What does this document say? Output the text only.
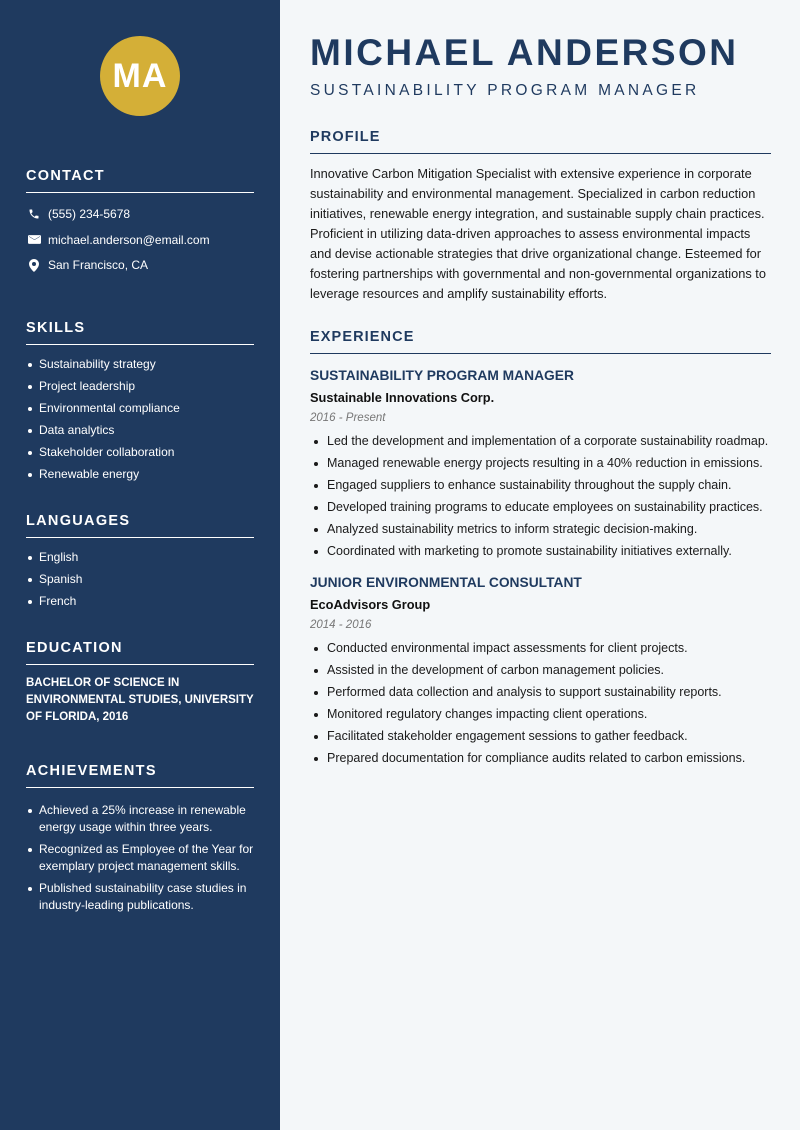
MA
CONTACT
(555) 234-5678
michael.anderson@email.com
San Francisco, CA
SKILLS
Sustainability strategy
Project leadership
Environmental compliance
Data analytics
Stakeholder collaboration
Renewable energy
LANGUAGES
English
Spanish
French
EDUCATION
BACHELOR OF SCIENCE IN ENVIRONMENTAL STUDIES, UNIVERSITY OF FLORIDA, 2016
ACHIEVEMENTS
Achieved a 25% increase in renewable energy usage within three years.
Recognized as Employee of the Year for exemplary project management skills.
Published sustainability case studies in industry-leading publications.
MICHAEL ANDERSON
SUSTAINABILITY PROGRAM MANAGER
PROFILE

Innovative Carbon Mitigation Specialist with extensive experience in corporate sustainability and environmental management. Specialized in carbon reduction initiatives, renewable energy integration, and sustainable supply chain practices. Proficient in utilizing data-driven approaches to assess environmental impacts and devise actionable strategies that drive organizational change. Esteemed for fostering partnerships with governmental and non-governmental organizations to leverage resources and amplify sustainability efforts.

EXPERIENCE
SUSTAINABILITY PROGRAM MANAGER
Sustainable Innovations Corp.
2016 - Present
Led the development and implementation of a corporate sustainability roadmap.
Managed renewable energy projects resulting in a 40% reduction in emissions.
Engaged suppliers to enhance sustainability throughout the supply chain.
Developed training programs to educate employees on sustainability practices.
Analyzed sustainability metrics to inform strategic decision-making.
Coordinated with marketing to promote sustainability initiatives externally.
JUNIOR ENVIRONMENTAL CONSULTANT
EcoAdvisors Group
2014 - 2016
Conducted environmental impact assessments for client projects.
Assisted in the development of carbon management policies.
Performed data collection and analysis to support sustainability reports.
Monitored regulatory changes impacting client operations.
Facilitated stakeholder engagement sessions to gather feedback.
Prepared documentation for compliance audits related to carbon emissions.
